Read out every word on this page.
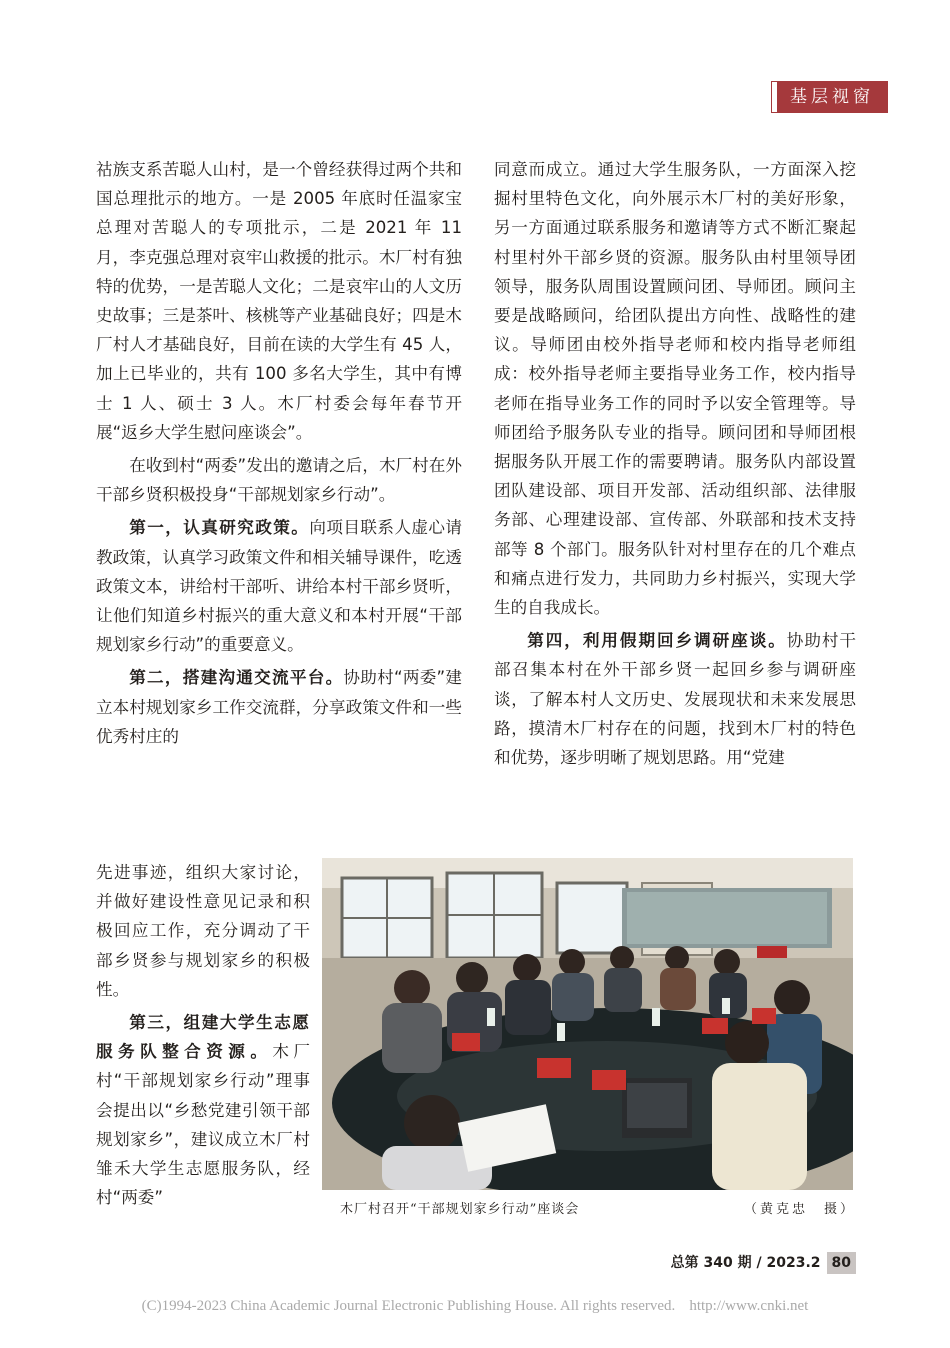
基层视窗

祜族支系苦聪人山村，是一个曾经获得过两个共和国总理批示的地方。一是 2005 年底时任温家宝总理对苦聪人的专项批示，二是 2021 年 11 月，李克强总理对哀牢山救援的批示。木厂村有独特的优势，一是苦聪人文化；二是哀牢山的人文历史故事；三是茶叶、核桃等产业基础良好；四是木厂村人才基础良好，目前在读的大学生有 45 人，加上已毕业的，共有 100 多名大学生，其中有博士 1 人、硕士 3 人。木厂村委会每年春节开展“返乡大学生慰问座谈会”。

在收到村“两委”发出的邀请之后，木厂村在外干部乡贤积极投身“干部规划家乡行动”。

第一，认真研究政策。向项目联系人虚心请教政策，认真学习政策文件和相关辅导课件，吃透政策文本，讲给村干部听、讲给本村干部乡贤听，让他们知道乡村振兴的重大意义和本村开展“干部规划家乡行动”的重要意义。

第二，搭建沟通交流平台。协助村“两委”建立本村规划家乡工作交流群，分享政策文件和一些优秀村庄的

先进事迹，组织大家讨论，并做好建设性意见记录和积极回应工作，充分调动了干部乡贤参与规划家乡的积极性。

第三，组建大学生志愿服务队整合资源。木厂村“干部规划家乡行动”理事会提出以“乡愁党建引领干部规划家乡”，建议成立木厂村雏禾大学生志愿服务队，经村“两委”

同意而成立。通过大学生服务队，一方面深入挖掘村里特色文化，向外展示木厂村的美好形象，另一方面通过联系服务和邀请等方式不断汇聚起村里村外干部乡贤的资源。服务队由村里领导团领导，服务队周围设置顾问团、导师团。顾问主要是战略顾问，给团队提出方向性、战略性的建议。导师团由校外指导老师和校内指导老师组成：校外指导老师主要指导业务工作，校内指导老师在指导业务工作的同时予以安全管理等。导师团给予服务队专业的指导。顾问团和导师团根据服务队开展工作的需要聘请。服务队内部设置团队建设部、项目开发部、活动组织部、法律服务部、心理建设部、宣传部、外联部和技术支持部等 8 个部门。服务队针对村里存在的几个难点和痛点进行发力，共同助力乡村振兴，实现大学生的自我成长。

第四，利用假期回乡调研座谈。协助村干部召集本村在外干部乡贤一起回乡参与调研座谈，了解本村人文历史、发展现状和未来发展思路，摸清木厂村存在的问题，找到木厂村的特色和优势，逐步明晰了规划思路。用“党建

木厂村召开“干部规划家乡行动”座谈会	（黄克忠　摄）
总第 340 期 / 2023.2 80
(C)1994-2023 China Academic Journal Electronic Publishing House. All rights reserved. http://www.cnki.net
